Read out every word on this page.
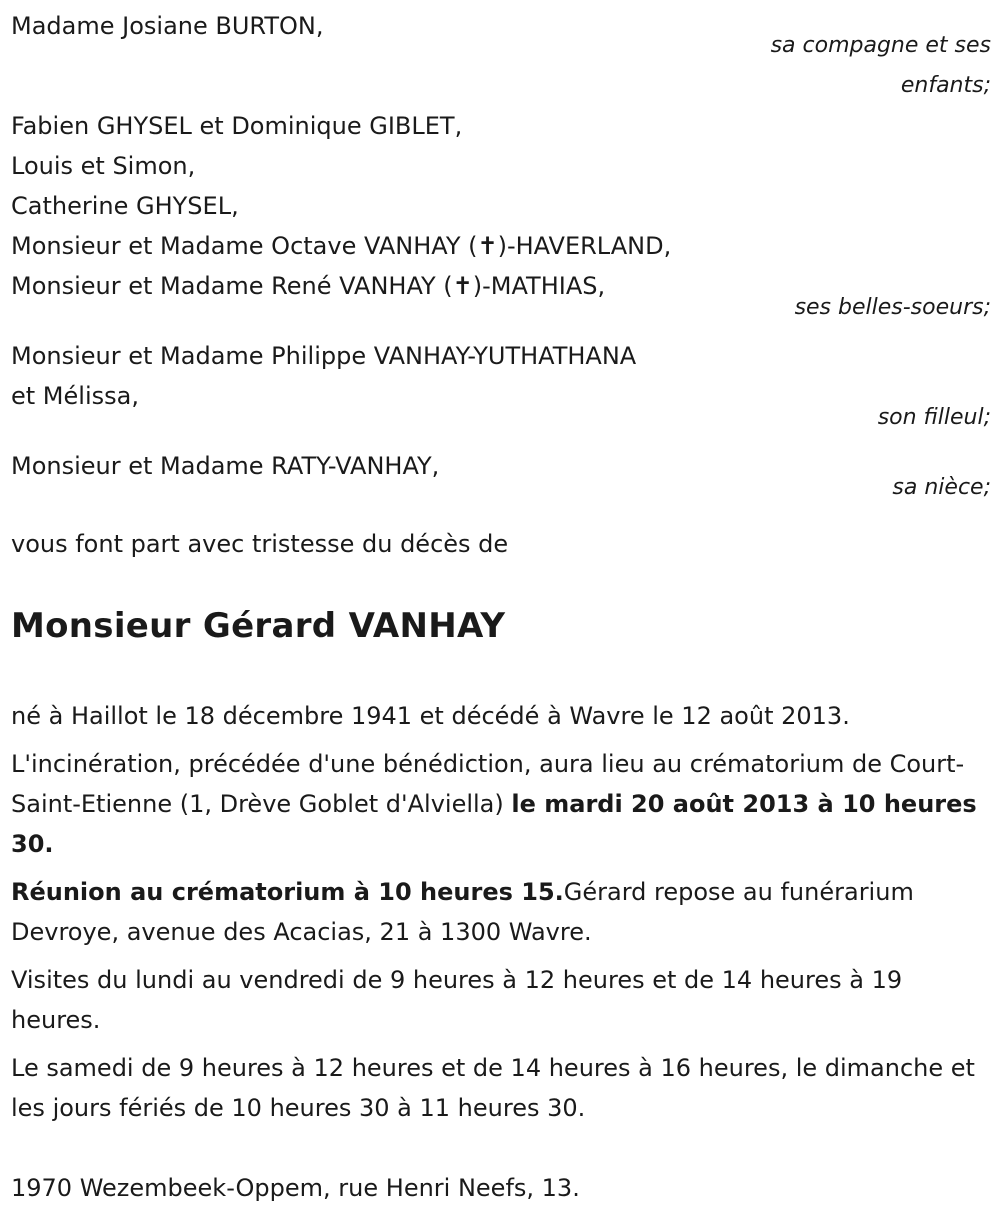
Madame Josiane BURTON,
sa compagne et ses enfants;
Fabien GHYSEL et Dominique GIBLET,
Louis et Simon,
Catherine GHYSEL,
Monsieur et Madame Octave VANHAY (✝)-HAVERLAND,
Monsieur et Madame René VANHAY (✝)-MATHIAS,
ses belles-soeurs;
Monsieur et Madame Philippe VANHAY-YUTHATHANA
et Mélissa,
son filleul;
Monsieur et Madame RATY-VANHAY,
sa nièce;
vous font part avec tristesse du décès de
Monsieur Gérard VANHAY
né à Haillot le 18 décembre 1941 et décédé à Wavre le 12 août 2013.
L'incinération, précédée d'une bénédiction, aura lieu au crématorium de Court-Saint-Etienne (1, Drève Goblet d'Alviella) le mardi 20 août 2013 à 10 heures 30.
Réunion au crématorium à 10 heures 15.Gérard repose au funérarium Devroye, avenue des Acacias, 21 à 1300 Wavre.
Visites du lundi au vendredi de 9 heures à 12 heures et de 14 heures à 19 heures.
Le samedi de 9 heures à 12 heures et de 14 heures à 16 heures, le dimanche et les jours fériés de 10 heures 30 à 11 heures 30.
1970 Wezembeek-Oppem, rue Henri Neefs, 13.
